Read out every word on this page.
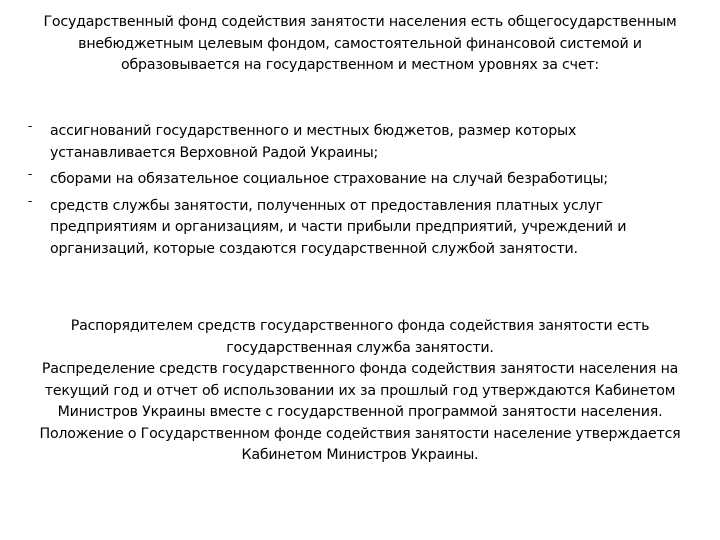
Государственный фонд содействия занятости населения есть общегосударственным внебюджетным целевым фондом, самостоятельной финансовой системой и образовывается на государственном и местном уровнях за счет:
- ассигнований государственного и местных бюджетов, размер которых устанавливается Верховной Радой Украины;
- сборами на обязательное социальное страхование на случай безработицы;
- средств службы занятости, полученных от предоставления платных услуг предприятиям и организациям, и части прибыли предприятий, учреждений и организаций, которые создаются государственной службой занятости.

Распорядителем средств государственного фонда содействия занятости есть государственная служба занятости.

Распределение средств государственного фонда содействия занятости населения на текущий год и отчет об использовании их за прошлый год утверждаются Кабинетом Министров Украины вместе с государственной программой занятости населения.

Положение о Государственном фонде содействия занятости население утверждается Кабинетом Министров Украины.
